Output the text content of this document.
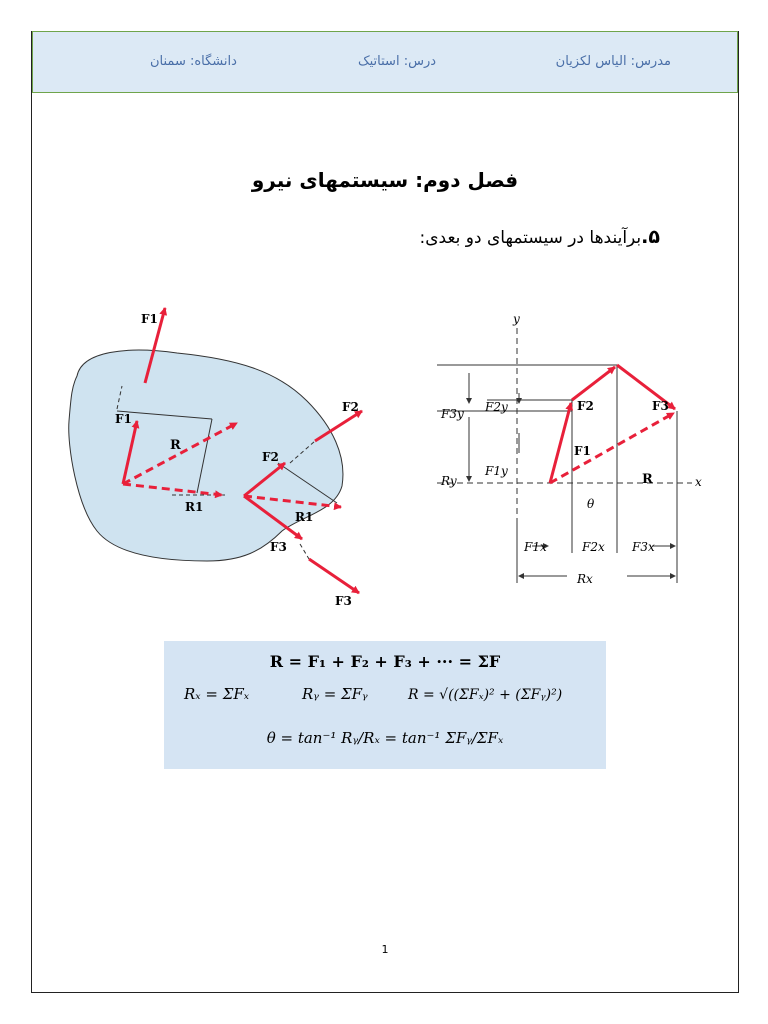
مدرس: الیاس لکزیان
درس: استاتیک
دانشگاه: سمنان
فصل دوم: سیستمهای نیرو
۵.برآیندها در سیستمهای دو بعدی:
F1
F1
R
R1
F2
F2
R1
F3
F3
y
x
F2	F3
F1
R
θ
F3y F2y
Ry
F1y
F1x	F2x F3x
Rx
R = F₁ + F₂ + F₃ + ··· = ΣF
Rₓ = ΣFₓ	Rᵧ = ΣFᵧ	R = √((ΣFₓ)² + (ΣFᵧ)²)
θ = tan⁻¹ Rᵧ/Rₓ = tan⁻¹ ΣFᵧ/ΣFₓ
1
